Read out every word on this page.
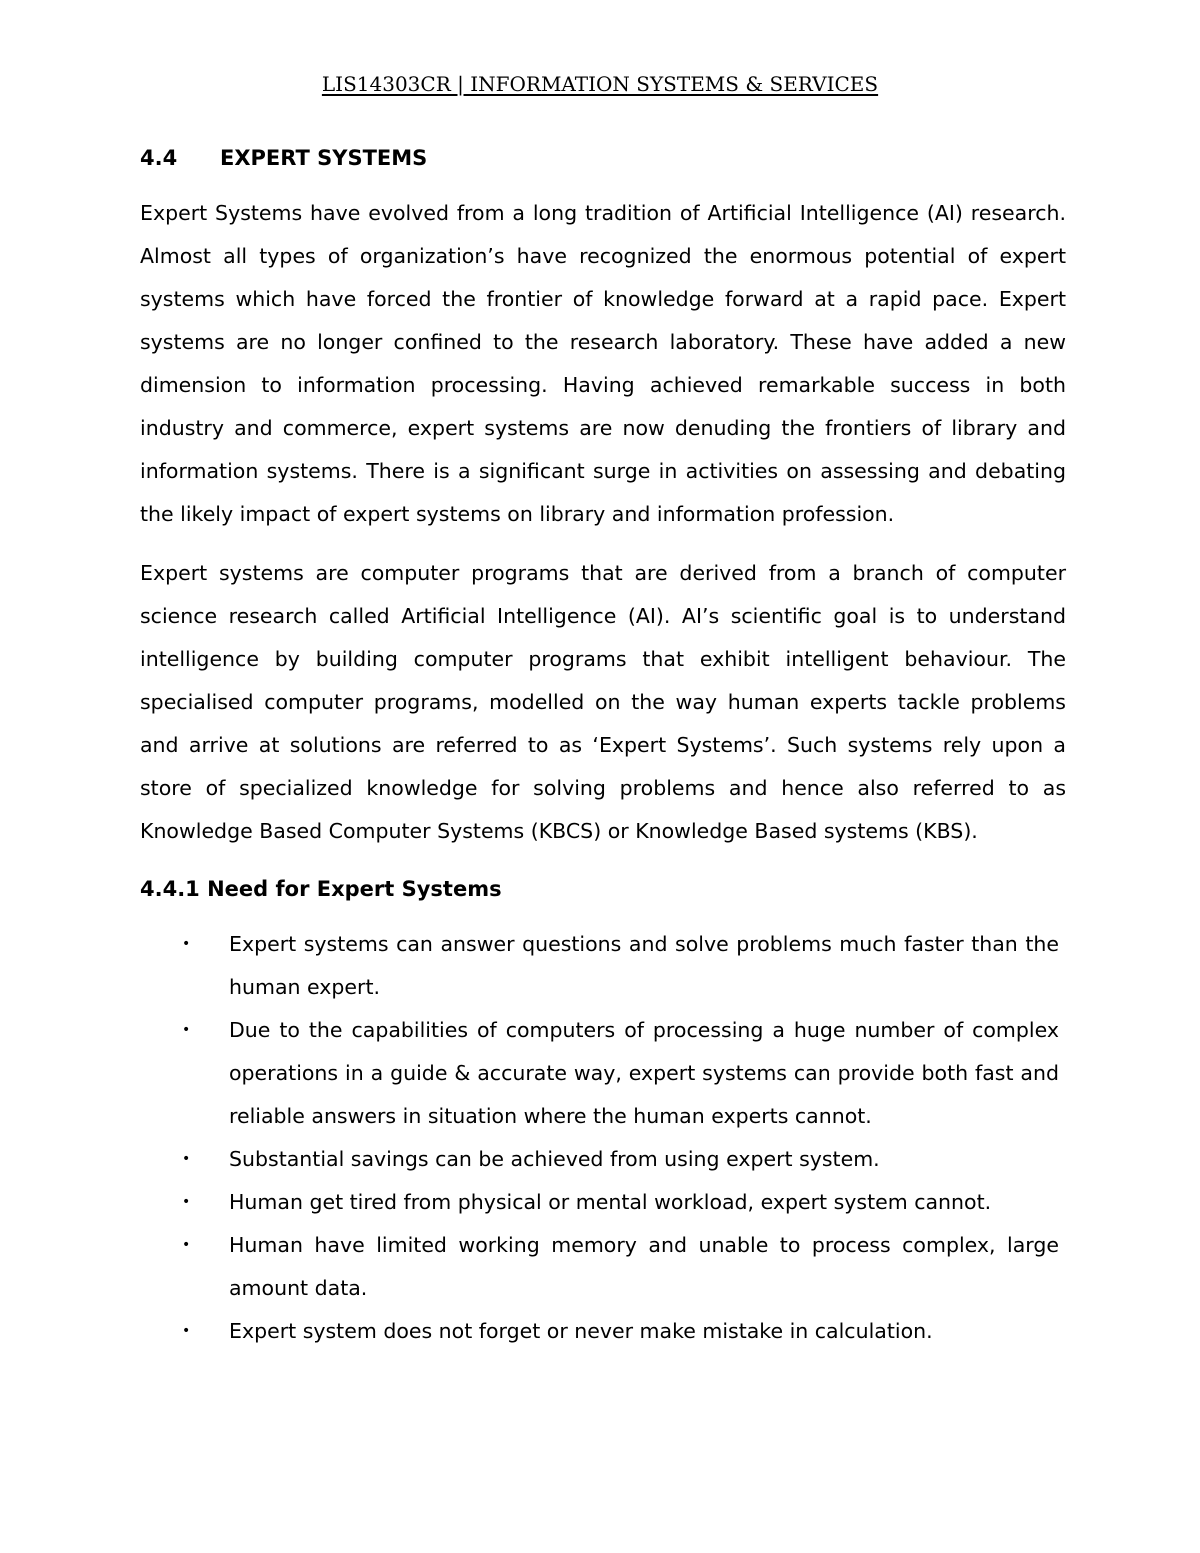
LIS14303CR | INFORMATION SYSTEMS & SERVICES
4.4 EXPERT SYSTEMS

Expert Systems have evolved from a long tradition of Artificial Intelligence (AI) research. Almost all types of organization’s have recognized the enormous potential of expert systems which have forced the frontier of knowledge forward at a rapid pace. Expert systems are no longer confined to the research laboratory. These have added a new dimension to information processing. Having achieved remarkable success in both industry and commerce, expert systems are now denuding the frontiers of library and information systems. There is a significant surge in activities on assessing and debating the likely impact of expert systems on library and information profession.

Expert systems are computer programs that are derived from a branch of computer science research called Artificial Intelligence (AI). AI’s scientific goal is to understand intelligence by building computer programs that exhibit intelligent behaviour. The specialised computer programs, modelled on the way human experts tackle problems and arrive at solutions are referred to as ‘Expert Systems’. Such systems rely upon a store of specialized knowledge for solving problems and hence also referred to as Knowledge Based Computer Systems (KBCS) or Knowledge Based systems (KBS).

4.4.1 Need for Expert Systems
• Expert systems can answer questions and solve problems much faster than the human expert.
• Due to the capabilities of computers of processing a huge number of complex operations in a guide & accurate way, expert systems can provide both fast and reliable answers in situation where the human experts cannot.
• Substantial savings can be achieved from using expert system.
• Human get tired from physical or mental workload, expert system cannot.
• Human have limited working memory and unable to process complex, large amount data.
• Expert system does not forget or never make mistake in calculation.
